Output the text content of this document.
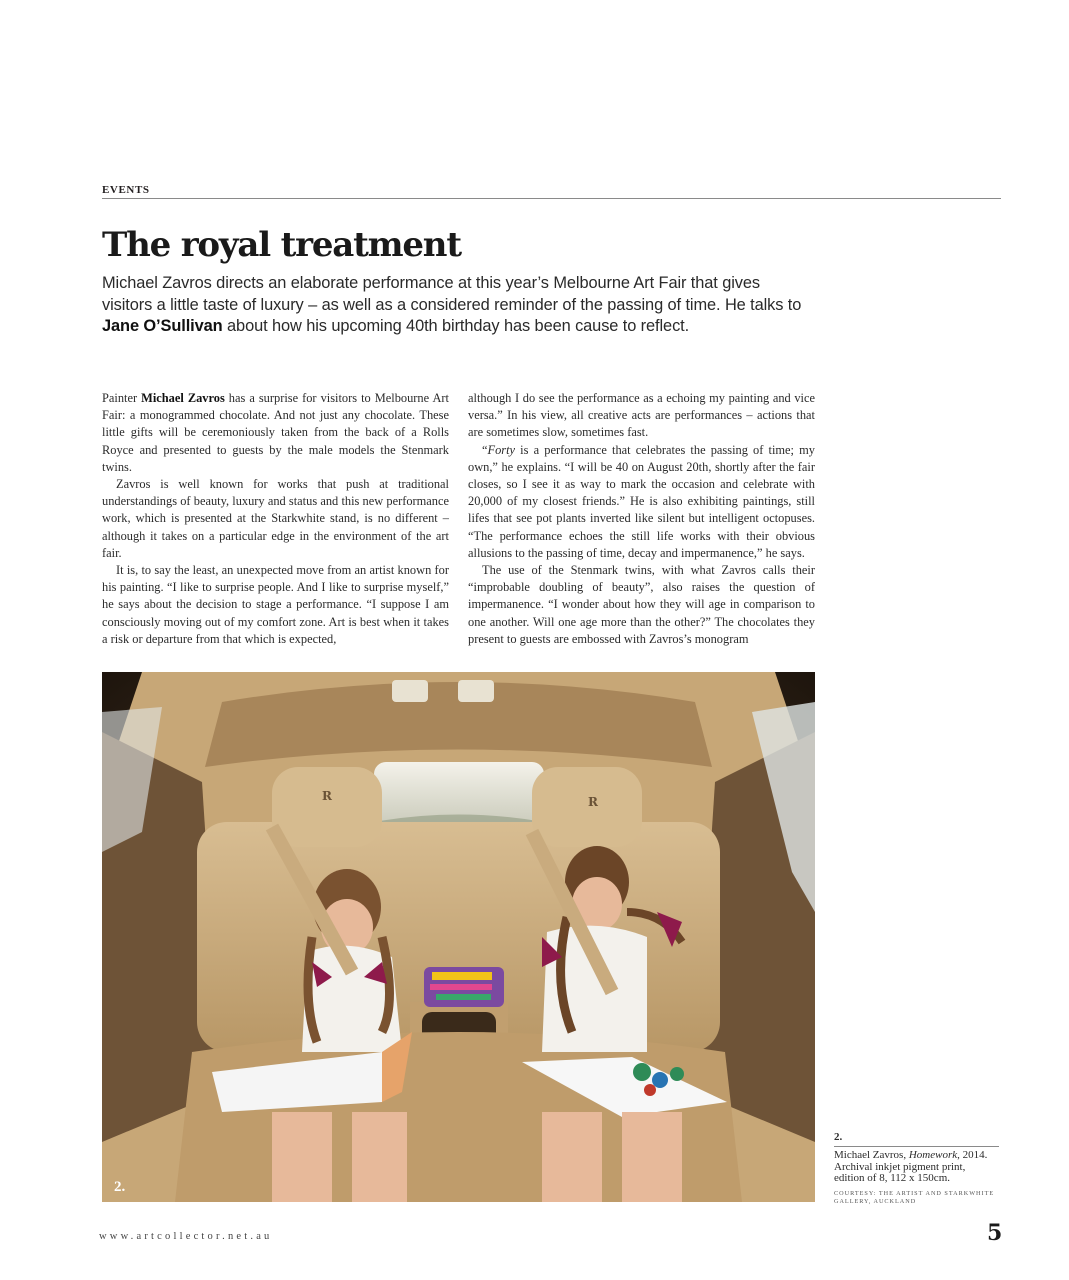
EVENTS
The royal treatment

Michael Zavros directs an elaborate performance at this year’s Melbourne Art Fair that gives visitors a little taste of luxury – as well as a considered reminder of the passing of time. He talks to Jane O’Sullivan about how his upcoming 40th birthday has been cause to reflect.

Painter Michael Zavros has a surprise for visitors to Melbourne Art Fair: a monogrammed chocolate. And not just any chocolate. These little gifts will be ceremoniously taken from the back of a Rolls Royce and presented to guests by the male models the Stenmark twins.

Zavros is well known for works that push at traditional understandings of beauty, luxury and status and this new performance work, which is presented at the Starkwhite stand, is no different – although it takes on a particular edge in the environment of the art fair.

It is, to say the least, an unexpected move from an artist known for his painting. “I like to surprise people. And I like to surprise myself,” he says about the decision to stage a performance. “I suppose I am consciously moving out of my comfort zone. Art is best when it takes a risk or departure from that which is expected,

although I do see the performance as a echoing my painting and vice versa.” In his view, all creative acts are performances – actions that are sometimes slow, sometimes fast.

“Forty is a performance that celebrates the passing of time; my own,” he explains. “I will be 40 on August 20th, shortly after the fair closes, so I see it as way to mark the occasion and celebrate with 20,000 of my closest friends.” He is also exhibiting paintings, still lifes that see pot plants inverted like silent but intelligent octopuses. “The performance echoes the still life works with their obvious allusions to the passing of time, decay and impermanence,” he says.

The use of the Stenmark twins, with what Zavros calls their “improbable doubling of beauty”, also raises the question of impermanence. “I wonder about how they will age in comparison to one another. Will one age more than the other?” The chocolates they present to guests are embossed with Zavros’s monogram

R	R
2.
2.
Michael Zavros, Homework, 2014.
Archival inkjet pigment print,
edition of 8, 112 x 150cm.
COURTESY: THE ARTIST AND STARKWHITE
GALLERY, AUCKLAND
www.artcollector.net.au	5
